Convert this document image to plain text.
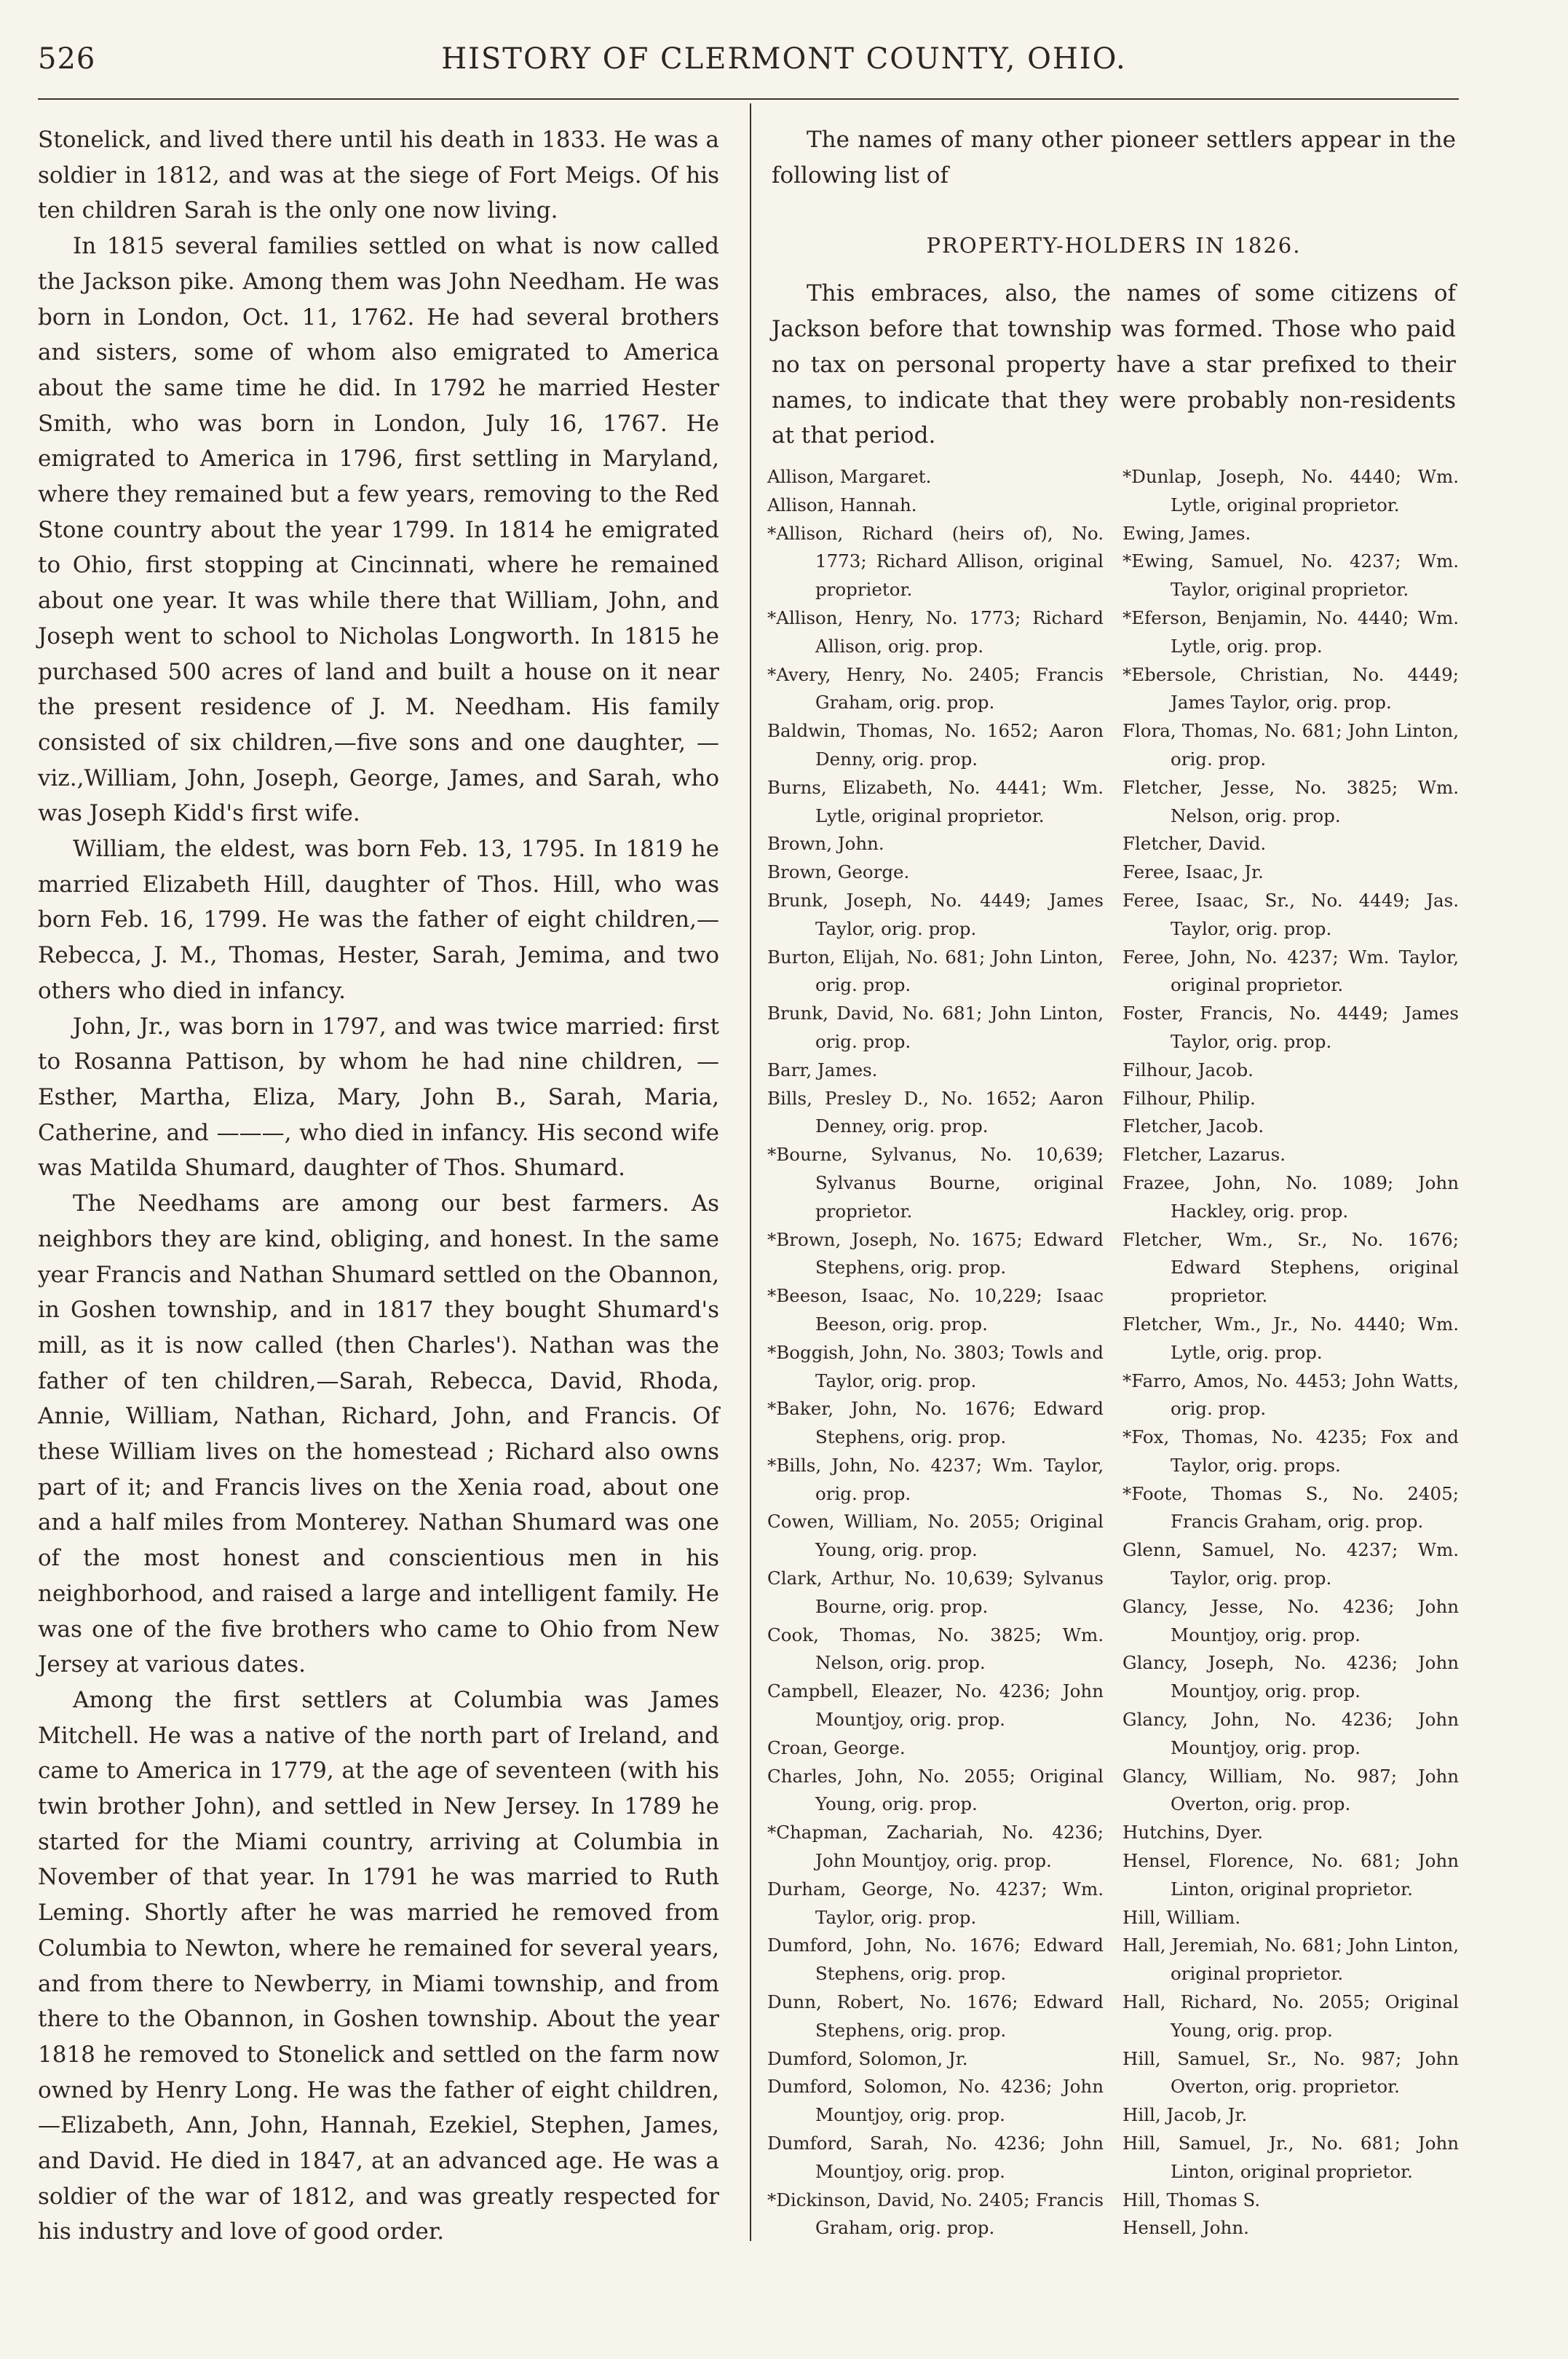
526	HISTORY OF CLERMONT COUNTY, OHIO.

Stonelick, and lived there until his death in 1833. He was a soldier in 1812, and was at the siege of Fort Meigs. Of his ten children Sarah is the only one now living.

In 1815 several families settled on what is now called the Jackson pike. Among them was John Needham. He was born in London, Oct. 11, 1762. He had several brothers and sisters, some of whom also emigrated to America about the same time he did. In 1792 he married Hester Smith, who was born in London, July 16, 1767. He emigrated to America in 1796, first settling in Maryland, where they remained but a few years, removing to the Red Stone country about the year 1799. In 1814 he emigrated to Ohio, first stopping at Cincinnati, where he remained about one year. It was while there that William, John, and Joseph went to school to Nicholas Longworth. In 1815 he purchased 500 acres of land and built a house on it near the present residence of J. M. Needham. His family consisted of six children,—five sons and one daughter, —viz.,William, John, Joseph, George, James, and Sarah, who was Joseph Kidd's first wife.

William, the eldest, was born Feb. 13, 1795. In 1819 he married Elizabeth Hill, daughter of Thos. Hill, who was born Feb. 16, 1799. He was the father of eight children,—Rebecca, J. M., Thomas, Hester, Sarah, Jemima, and two others who died in infancy.

John, Jr., was born in 1797, and was twice married: first to Rosanna Pattison, by whom he had nine children, —Esther, Martha, Eliza, Mary, John B., Sarah, Maria, Catherine, and ———, who died in infancy. His second wife was Matilda Shumard, daughter of Thos. Shumard.

The Needhams are among our best farmers. As neighbors they are kind, obliging, and honest. In the same year Francis and Nathan Shumard settled on the Obannon, in Goshen township, and in 1817 they bought Shumard's mill, as it is now called (then Charles'). Nathan was the father of ten children,—Sarah, Rebecca, David, Rhoda, Annie, William, Nathan, Richard, John, and Francis. Of these William lives on the homestead ; Richard also owns part of it; and Francis lives on the Xenia road, about one and a half miles from Monterey. Nathan Shumard was one of the most honest and conscientious men in his neighborhood, and raised a large and intelligent family. He was one of the five brothers who came to Ohio from New Jersey at various dates.

Among the first settlers at Columbia was James Mitchell. He was a native of the north part of Ireland, and came to America in 1779, at the age of seventeen (with his twin brother John), and settled in New Jersey. In 1789 he started for the Miami country, arriving at Columbia in November of that year. In 1791 he was married to Ruth Leming. Shortly after he was married he removed from Columbia to Newton, where he remained for several years, and from there to Newberry, in Miami township, and from there to the Obannon, in Goshen township. About the year 1818 he removed to Stonelick and settled on the farm now owned by Henry Long. He was the father of eight children,—Elizabeth, Ann, John, Hannah, Ezekiel, Stephen, James, and David. He died in 1847, at an advanced age. He was a soldier of the war of 1812, and was greatly respected for his industry and love of good order.

The names of many other pioneer settlers appear in the following list of

PROPERTY-HOLDERS IN 1826.

This embraces, also, the names of some citizens of Jackson before that township was formed. Those who paid no tax on personal property have a star prefixed to their names, to indicate that they were probably non-residents at that period.

Allison, Margaret.
Allison, Hannah.
*Allison, Richard (heirs of), No. 1773; Richard Allison, original proprietor.
*Allison, Henry, No. 1773; Richard Allison, orig. prop.
*Avery, Henry, No. 2405; Francis Graham, orig. prop.
Baldwin, Thomas, No. 1652; Aaron Denny, orig. prop.
Burns, Elizabeth, No. 4441; Wm. Lytle, original proprietor.
Brown, John.
Brown, George.
Brunk, Joseph, No. 4449; James Taylor, orig. prop.
Burton, Elijah, No. 681; John Linton, orig. prop.
Brunk, David, No. 681; John Linton, orig. prop.
Barr, James.
Bills, Presley D., No. 1652; Aaron Denney, orig. prop.
*Bourne, Sylvanus, No. 10,639; Sylvanus Bourne, original proprietor.
*Brown, Joseph, No. 1675; Edward Stephens, orig. prop.
*Beeson, Isaac, No. 10,229; Isaac Beeson, orig. prop.
*Boggish, John, No. 3803; Towls and Taylor, orig. prop.
*Baker, John, No. 1676; Edward Stephens, orig. prop.
*Bills, John, No. 4237; Wm. Taylor, orig. prop.
Cowen, William, No. 2055; Original Young, orig. prop.
Clark, Arthur, No. 10,639; Sylvanus Bourne, orig. prop.
Cook, Thomas, No. 3825; Wm. Nelson, orig. prop.
Campbell, Eleazer, No. 4236; John Mountjoy, orig. prop.
Croan, George.
Charles, John, No. 2055; Original Young, orig. prop.
*Chapman, Zachariah, No. 4236; John Mountjoy, orig. prop.
Durham, George, No. 4237; Wm. Taylor, orig. prop.
Dumford, John, No. 1676; Edward Stephens, orig. prop.
Dunn, Robert, No. 1676; Edward Stephens, orig. prop.
Dumford, Solomon, Jr.
Dumford, Solomon, No. 4236; John Mountjoy, orig. prop.
Dumford, Sarah, No. 4236; John Mountjoy, orig. prop.
*Dickinson, David, No. 2405; Francis Graham, orig. prop.
*Dunlap, Joseph, No. 4440; Wm. Lytle, original proprietor.
Ewing, James.
*Ewing, Samuel, No. 4237; Wm. Taylor, original proprietor.
*Eferson, Benjamin, No. 4440; Wm. Lytle, orig. prop.
*Ebersole, Christian, No. 4449; James Taylor, orig. prop.
Flora, Thomas, No. 681; John Linton, orig. prop.
Fletcher, Jesse, No. 3825; Wm. Nelson, orig. prop.
Fletcher, David.
Feree, Isaac, Jr.
Feree, Isaac, Sr., No. 4449; Jas. Taylor, orig. prop.
Feree, John, No. 4237; Wm. Taylor, original proprietor.
Foster, Francis, No. 4449; James Taylor, orig. prop.
Filhour, Jacob.
Filhour, Philip.
Fletcher, Jacob.
Fletcher, Lazarus.
Frazee, John, No. 1089; John Hackley, orig. prop.
Fletcher, Wm., Sr., No. 1676; Edward Stephens, original proprietor.
Fletcher, Wm., Jr., No. 4440; Wm. Lytle, orig. prop.
*Farro, Amos, No. 4453; John Watts, orig. prop.
*Fox, Thomas, No. 4235; Fox and Taylor, orig. props.
*Foote, Thomas S., No. 2405; Francis Graham, orig. prop.
Glenn, Samuel, No. 4237; Wm. Taylor, orig. prop.
Glancy, Jesse, No. 4236; John Mountjoy, orig. prop.
Glancy, Joseph, No. 4236; John Mountjoy, orig. prop.
Glancy, John, No. 4236; John Mountjoy, orig. prop.
Glancy, William, No. 987; John Overton, orig. prop.
Hutchins, Dyer.
Hensel, Florence, No. 681; John Linton, original proprietor.
Hill, William.
Hall, Jeremiah, No. 681; John Linton, original proprietor.
Hall, Richard, No. 2055; Original Young, orig. prop.
Hill, Samuel, Sr., No. 987; John Overton, orig. proprietor.
Hill, Jacob, Jr.
Hill, Samuel, Jr., No. 681; John Linton, original proprietor.
Hill, Thomas S.
Hensell, John.
